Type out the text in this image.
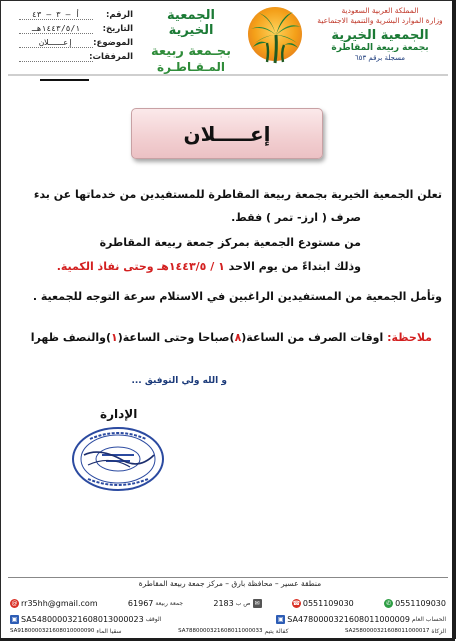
الرقم:
أ – ٣ – ٤٣
التاريخ:
١٤٤٣/٥/١هـ
الموضوع:
إعـــلان
المرفقات:
الجمعية الخيرية
بجـمعة ربيعة
المـقـاطـرة
المملكة العربية السعودية
وزارة الموارد البشرية والتنمية الاجتماعية
الجمعية الخيرية
بجمعة ربيعة المقاطرة
مسجلة برقم ٦٥٣
إعـــــلان
تعلن الجمعية الخيرية بجمعة ربيعة المقاطرة للمستفيدين من خدماتها عن بدء
صرف ( ارز- تمر ) فقط.
من مستودع الجمعية بمركز جمعة ربيعة المقاطرة
وذلك ابتداءً من يوم الاحد ١ / ١٤٤٣/٥هـ وحتى نفاذ الكمية.
وتأمل الجمعية من المستفيدين الراغبين في الاستلام سرعة التوجه للجمعية .
ملاحظة: اوقات الصرف من الساعة(٨)صباحا وحتى الساعة(١)والنصف ظهرا
و الله ولي التوفيق ...
الإدارة
منطقة عسير – محافظة بارق – مركز جمعة ربيعة المقاطرة
@ rr35hh@gmail.com	61967 جمعة ربيعة	2183 ص ب ✉	☎ 0551109030	✆ 0551109030
▣ SA5480000321608013000023 الوقف	▣ SA4780000321608011000009 الحساب العام
SA9180000321608010000090 سقيا الماء	SA7880000321608011000033 كفالة يتيم	SA2580000321608011000017 الزكاة
